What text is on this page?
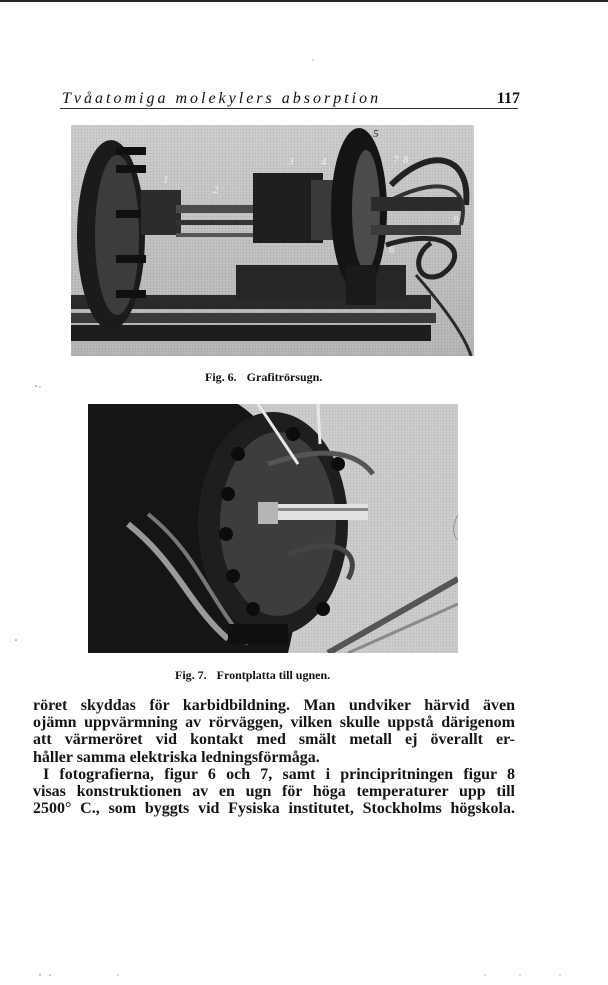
Tvåatomiga molekylers absorption	117
1
2
3	4
5
6
7 8
9
Fig. 6. Grafitrörsugn.
Fig. 7. Frontplatta till ugnen.
röret skyddas för karbidbildning. Man undviker härvid även
ojämn uppvärmning av rörväggen, vilken skulle uppstå därigenom
att värmeröret vid kontakt med smält metall ej överallt er-
håller samma elektriska ledningsförmåga.
I fotografierna, figur 6 och 7, samt i principritningen figur 8
visas konstruktionen av en ugn för höga temperaturer upp till
2500° C., som byggts vid Fysiska institutet, Stockholms högskola.
